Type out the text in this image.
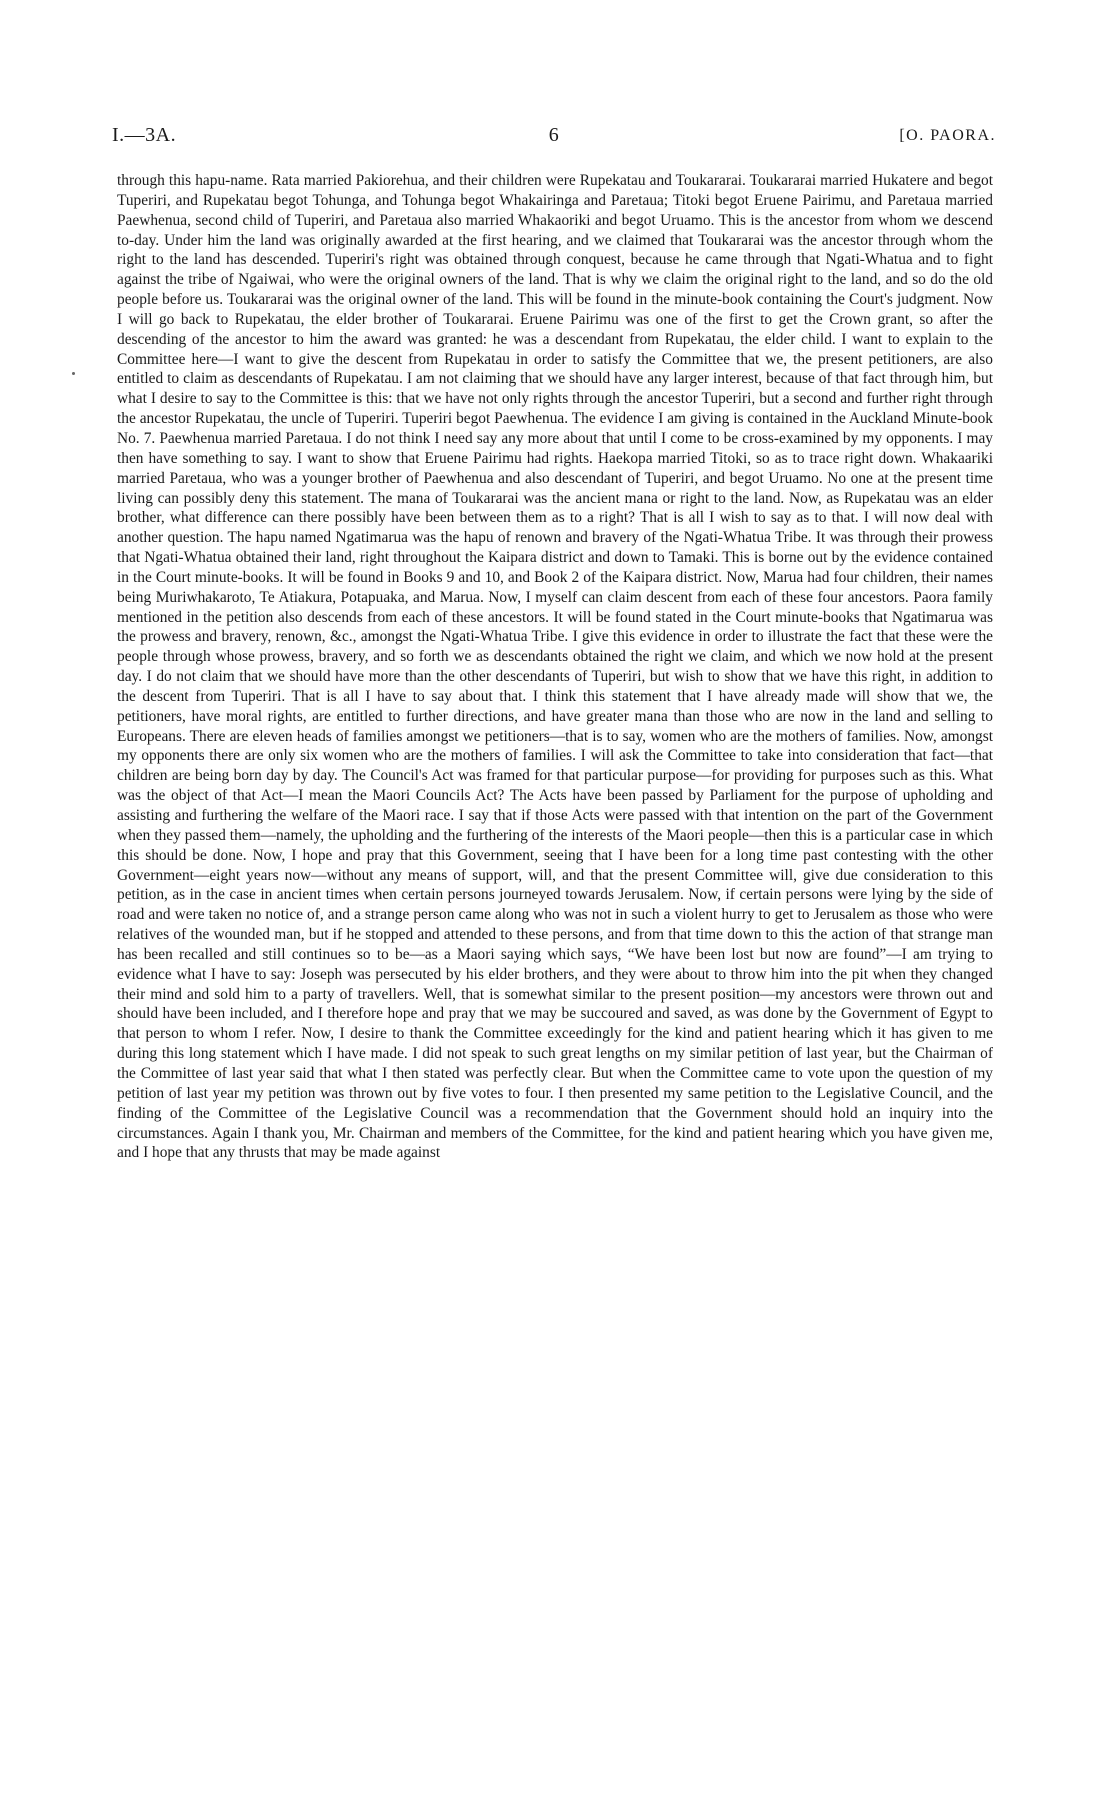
I.—3A.	6	[O. PAORA.

through this hapu-name. Rata married Pakiorehua, and their children were Rupekatau and Toukararai. Toukararai married Hukatere and begot Tuperiri, and Rupekatau begot Tohunga, and Tohunga begot Whakairinga and Paretaua; Titoki begot Eruene Pairimu, and Paretaua married Paewhenua, second child of Tuperiri, and Paretaua also married Whakaoriki and begot Uruamo. This is the ancestor from whom we descend to-day. Under him the land was originally awarded at the first hearing, and we claimed that Toukararai was the ancestor through whom the right to the land has descended. Tuperiri's right was obtained through conquest, because he came through that Ngati-Whatua and to fight against the tribe of Ngaiwai, who were the original owners of the land. That is why we claim the original right to the land, and so do the old people before us. Toukararai was the original owner of the land. This will be found in the minute-book containing the Court's judgment. Now I will go back to Rupekatau, the elder brother of Toukararai. Eruene Pairimu was one of the first to get the Crown grant, so after the descending of the ancestor to him the award was granted: he was a descendant from Rupekatau, the elder child. I want to explain to the Committee here—I want to give the descent from Rupekatau in order to satisfy the Committee that we, the present petitioners, are also entitled to claim as descendants of Rupekatau. I am not claiming that we should have any larger interest, because of that fact through him, but what I desire to say to the Committee is this: that we have not only rights through the ancestor Tuperiri, but a second and further right through the ancestor Rupekatau, the uncle of Tuperiri. Tuperiri begot Paewhenua. The evidence I am giving is contained in the Auckland Minute-book No. 7. Paewhenua married Paretaua. I do not think I need say any more about that until I come to be cross-examined by my opponents. I may then have something to say. I want to show that Eruene Pairimu had rights. Haekopa married Titoki, so as to trace right down. Whakaariki married Paretaua, who was a younger brother of Paewhenua and also descendant of Tuperiri, and begot Uruamo. No one at the present time living can possibly deny this statement. The mana of Toukararai was the ancient mana or right to the land. Now, as Rupekatau was an elder brother, what difference can there possibly have been between them as to a right? That is all I wish to say as to that. I will now deal with another question. The hapu named Ngatimarua was the hapu of renown and bravery of the Ngati-Whatua Tribe. It was through their prowess that Ngati-Whatua obtained their land, right throughout the Kaipara district and down to Tamaki. This is borne out by the evidence contained in the Court minute-books. It will be found in Books 9 and 10, and Book 2 of the Kaipara district. Now, Marua had four children, their names being Muriwhakaroto, Te Atiakura, Potapuaka, and Marua. Now, I myself can claim descent from each of these four ancestors. Paora family mentioned in the petition also descends from each of these ancestors. It will be found stated in the Court minute-books that Ngatimarua was the prowess and bravery, renown, &c., amongst the Ngati-Whatua Tribe. I give this evidence in order to illustrate the fact that these were the people through whose prowess, bravery, and so forth we as descendants obtained the right we claim, and which we now hold at the present day. I do not claim that we should have more than the other descendants of Tuperiri, but wish to show that we have this right, in addition to the descent from Tuperiri. That is all I have to say about that. I think this statement that I have already made will show that we, the petitioners, have moral rights, are entitled to further directions, and have greater mana than those who are now in the land and selling to Europeans. There are eleven heads of families amongst we petitioners—that is to say, women who are the mothers of families. Now, amongst my opponents there are only six women who are the mothers of families. I will ask the Committee to take into consideration that fact—that children are being born day by day. The Council's Act was framed for that particular purpose—for providing for purposes such as this. What was the object of that Act—I mean the Maori Councils Act? The Acts have been passed by Parliament for the purpose of upholding and assisting and furthering the welfare of the Maori race. I say that if those Acts were passed with that intention on the part of the Government when they passed them—namely, the upholding and the furthering of the interests of the Maori people—then this is a particular case in which this should be done. Now, I hope and pray that this Government, seeing that I have been for a long time past contesting with the other Government—eight years now—without any means of support, will, and that the present Committee will, give due consideration to this petition, as in the case in ancient times when certain persons journeyed towards Jerusalem. Now, if certain persons were lying by the side of road and were taken no notice of, and a strange person came along who was not in such a violent hurry to get to Jerusalem as those who were relatives of the wounded man, but if he stopped and attended to these persons, and from that time down to this the action of that strange man has been recalled and still continues so to be—as a Maori saying which says, “We have been lost but now are found”—I am trying to evidence what I have to say: Joseph was persecuted by his elder brothers, and they were about to throw him into the pit when they changed their mind and sold him to a party of travellers. Well, that is somewhat similar to the present position—my ancestors were thrown out and should have been included, and I therefore hope and pray that we may be succoured and saved, as was done by the Government of Egypt to that person to whom I refer. Now, I desire to thank the Committee exceedingly for the kind and patient hearing which it has given to me during this long statement which I have made. I did not speak to such great lengths on my similar petition of last year, but the Chairman of the Committee of last year said that what I then stated was perfectly clear. But when the Committee came to vote upon the question of my petition of last year my petition was thrown out by five votes to four. I then presented my same petition to the Legislative Council, and the finding of the Committee of the Legislative Council was a recommendation that the Government should hold an inquiry into the circumstances. Again I thank you, Mr. Chairman and members of the Committee, for the kind and patient hearing which you have given me, and I hope that any thrusts that may be made against
